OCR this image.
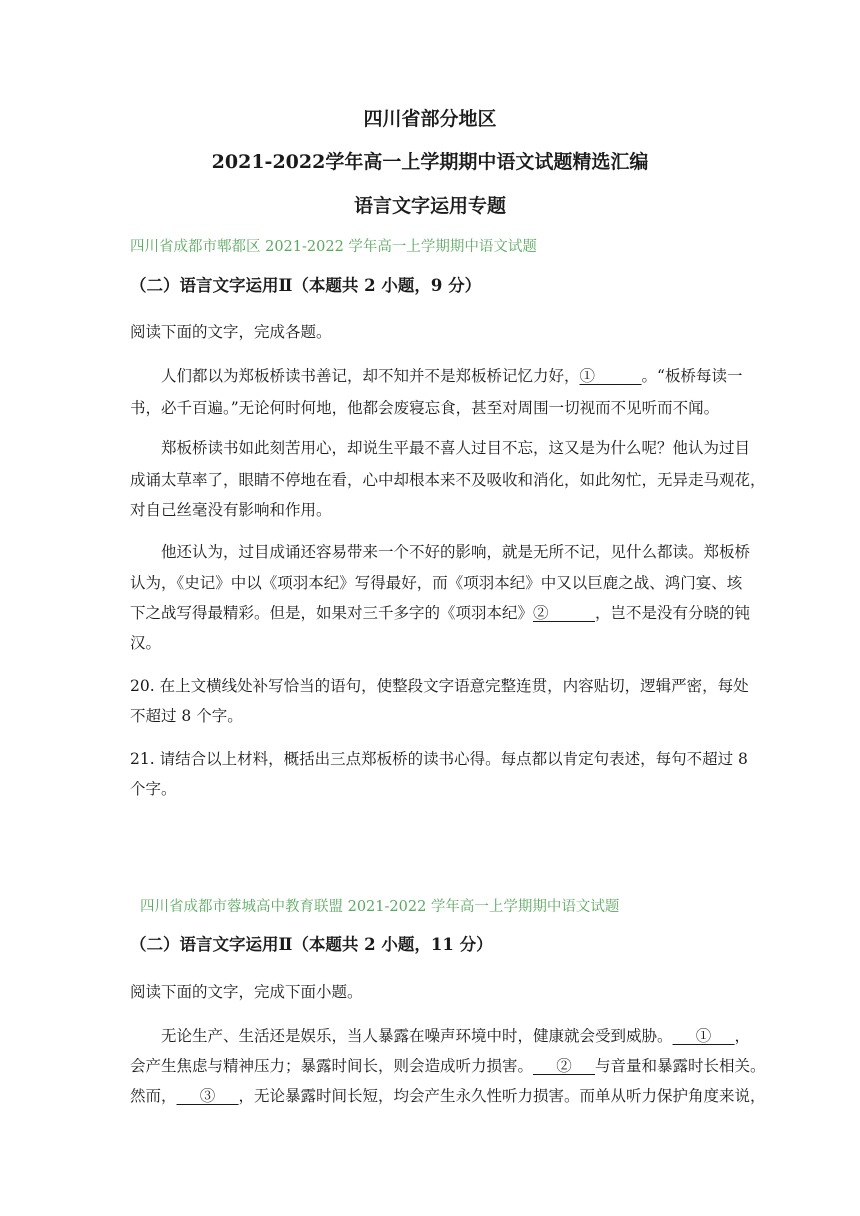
四川省部分地区
2021-2022学年高一上学期期中语文试题精选汇编
语言文字运用专题
四川省成都市郫都区 2021-2022 学年高一上学期期中语文试题
（二）语言文字运用Ⅱ（本题共 2 小题，9 分）
阅读下面的文字，完成各题。
人们都以为郑板桥读书善记，却不知并不是郑板桥记忆力好，①______。“板桥每读一
书，必千百遍。”无论何时何地，他都会废寝忘食，甚至对周围一切视而不见听而不闻。
郑板桥读书如此刻苦用心，却说生平最不喜人过目不忘，这又是为什么呢？他认为过目
成诵太草率了，眼睛不停地在看，心中却根本来不及吸收和消化，如此匆忙，无异走马观花，
对自己丝毫没有影响和作用。
他还认为，过目成诵还容易带来一个不好的影响，就是无所不记，见什么都读。郑板桥
认为，《史记》中以《项羽本纪》写得最好，而《项羽本纪》中又以巨鹿之战、鸿门宴、垓
下之战写得最精彩。但是，如果对三千多字的《项羽本纪》②______，岂不是没有分晓的钝
汉。
20. 在上文横线处补写恰当的语句，使整段文字语意完整连贯，内容贴切，逻辑严密，每处
不超过 8 个字。
21. 请结合以上材料，概括出三点郑板桥的读书心得。每点都以肯定句表述，每句不超过 8
个字。
四川省成都市蓉城高中教育联盟 2021-2022 学年高一上学期期中语文试题
（二）语言文字运用Ⅱ（本题共 2 小题，11 分）
阅读下面的文字，完成下面小题。
无论生产、生活还是娱乐，当人暴露在噪声环境中时，健康就会受到威胁。___①___，
会产生焦虑与精神压力；暴露时间长，则会造成听力损害。___②___与音量和暴露时长相关。
然而，___③___，无论暴露时间长短，均会产生永久性听力损害。而单从听力保护角度来说，
